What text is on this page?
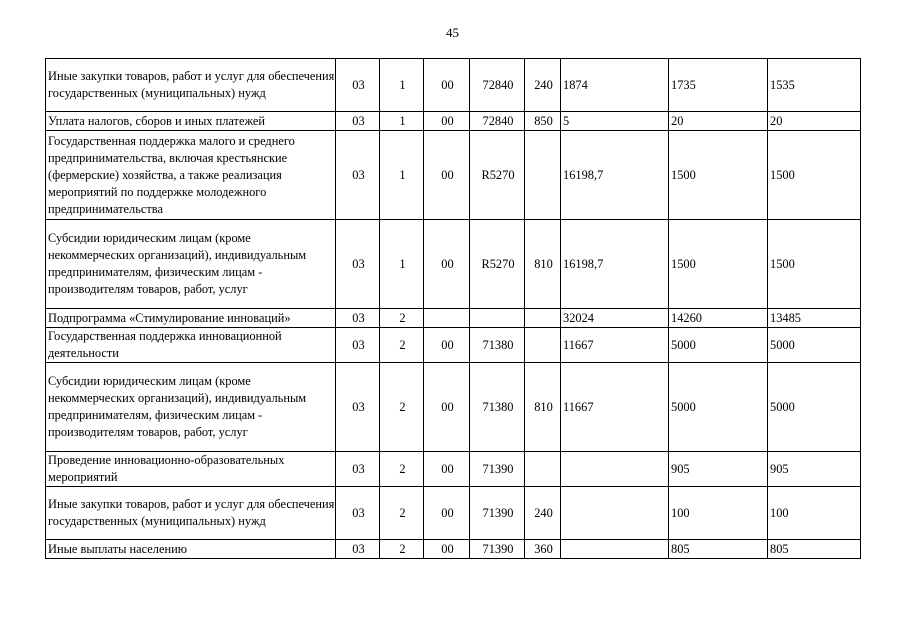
45
Иные закупки товаров, работ и услуг для обеспечения государственных (муниципальных) нужд	03	1	00	72840	240	1874	1735	1535
Уплата налогов, сборов и иных платежей	03	1	00	72840	850	5	20	20
Государственная поддержка малого и среднего предпринимательства, включая крестьянские (фермерские) хозяйства, а также реализация мероприятий по поддержке молодежного предпринимательства	03	1	00	R5270		16198,7	1500	1500
Субсидии юридическим лицам (кроме некоммерческих организаций), индивидуальным предпринимателям, физическим лицам - производителям товаров, работ, услуг	03	1	00	R5270	810	16198,7	1500	1500
Подпрограмма «Стимулирование инноваций»	03	2				32024	14260	13485
Государственная поддержка инновационной деятельности	03	2	00	71380		11667	5000	5000
Субсидии юридическим лицам (кроме некоммерческих организаций), индивидуальным предпринимателям, физическим лицам - производителям товаров, работ, услуг	03	2	00	71380	810	11667	5000	5000
Проведение инновационно-образовательных мероприятий	03	2	00	71390			905	905
Иные закупки товаров, работ и услуг для обеспечения государственных (муниципальных) нужд	03	2	00	71390	240		100	100
Иные выплаты населению	03	2	00	71390	360		805	805
